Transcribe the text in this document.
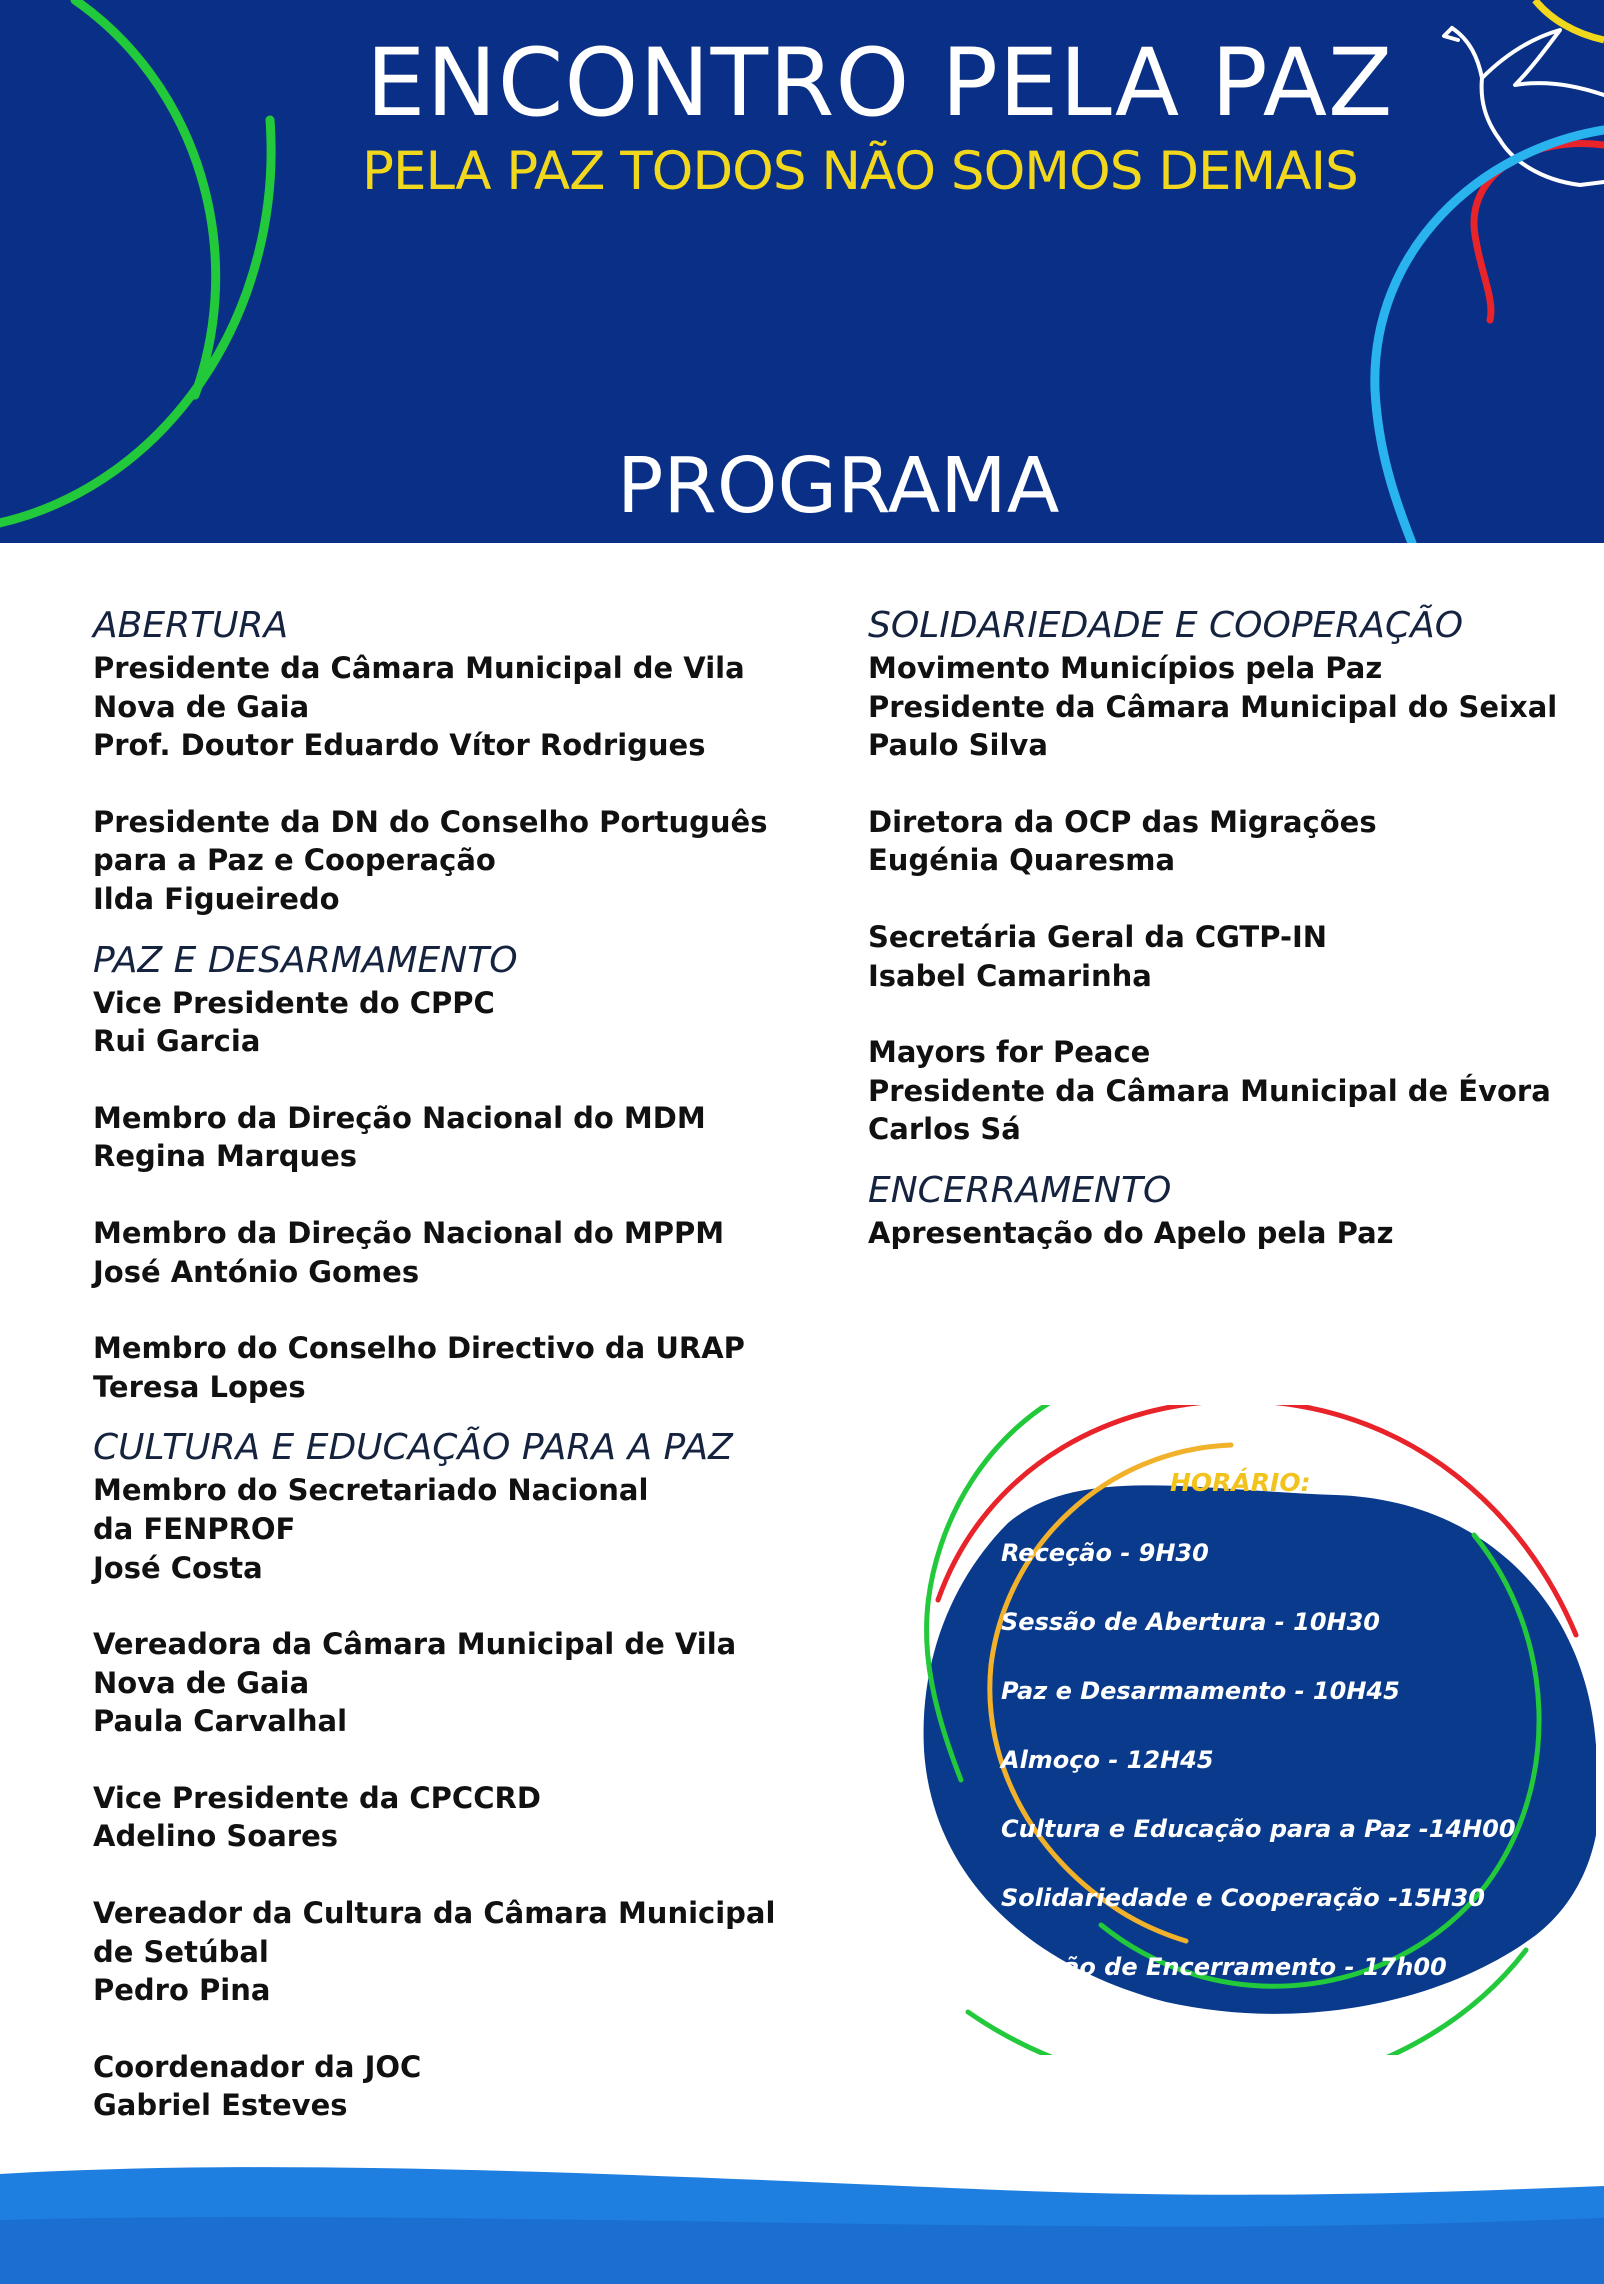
ENCONTRO PELA PAZ
PELA PAZ TODOS NÃO SOMOS DEMAIS
PROGRAMA
ABERTURA
Presidente da Câmara Municipal de Vila
Nova de Gaia
Prof. Doutor Eduardo Vítor Rodrigues
Presidente da DN do Conselho Português
para a Paz e Cooperação
Ilda Figueiredo
PAZ E DESARMAMENTO
Vice Presidente do CPPC
Rui Garcia
Membro da Direção Nacional do MDM
Regina Marques
Membro da Direção Nacional do MPPM
José António Gomes
Membro do Conselho Directivo da URAP
Teresa Lopes
CULTURA E EDUCAÇÃO PARA A PAZ
Membro do Secretariado Nacional
da FENPROF
José Costa
Vereadora da Câmara Municipal de Vila
Nova de Gaia
Paula Carvalhal
Vice Presidente da CPCCRD
Adelino Soares
Vereador da Cultura da Câmara Municipal
de Setúbal
Pedro Pina
Coordenador da JOC
Gabriel Esteves
SOLIDARIEDADE E COOPERAÇÃO
Movimento Municípios pela Paz
Presidente da Câmara Municipal do Seixal
Paulo Silva
Diretora da OCP das Migrações
Eugénia Quaresma
Secretária Geral da CGTP-IN
Isabel Camarinha
Mayors for Peace
Presidente da Câmara Municipal de Évora
Carlos Sá
ENCERRAMENTO
Apresentação do Apelo pela Paz
HORÁRIO:
Receção - 9H30
Sessão de Abertura - 10H30
Paz e Desarmamento - 10H45
Almoço - 12H45
Cultura e Educação para a Paz -14H00
Solidariedade e Cooperação -15H30
Sessão de Encerramento - 17h00
